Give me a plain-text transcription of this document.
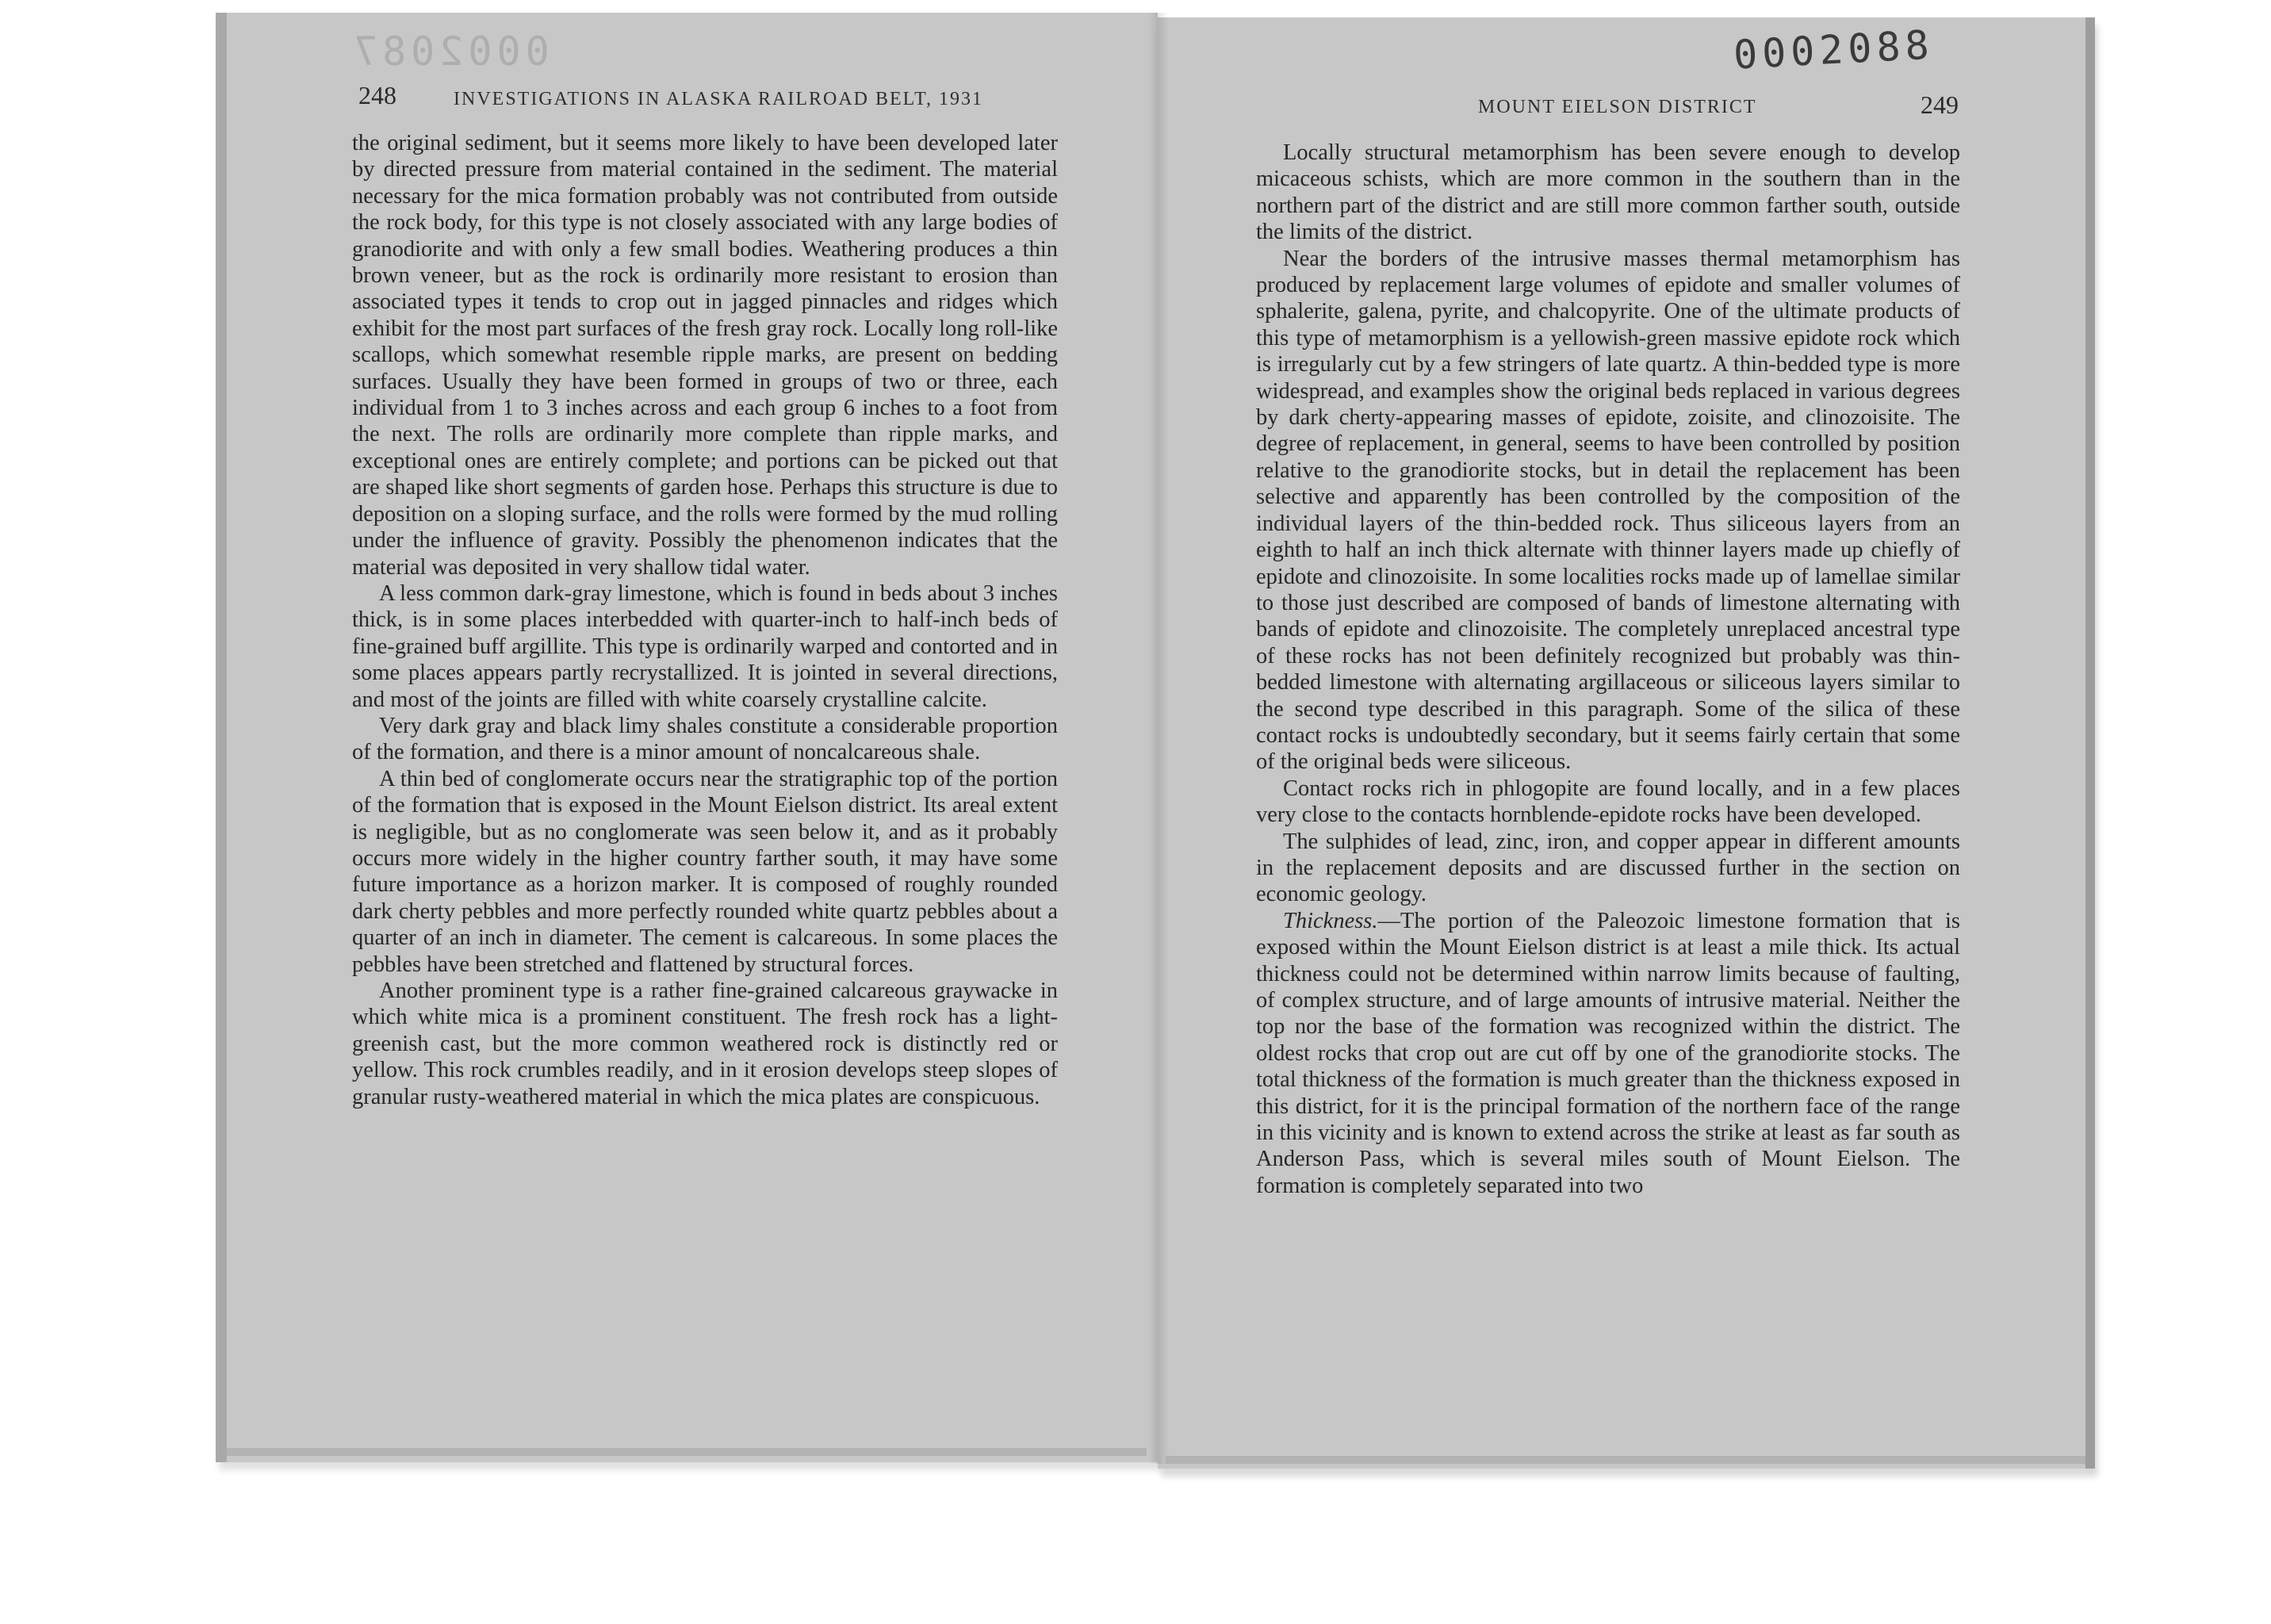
0002087
248	INVESTIGATIONS IN ALASKA RAILROAD BELT, 1931
0002088
MOUNT EIELSON DISTRICT	249

the original sediment, but it seems more likely to have been developed later by directed pressure from material contained in the sediment. The material necessary for the mica formation probably was not contributed from outside the rock body, for this type is not closely associated with any large bodies of granodiorite and with only a few small bodies. Weathering produces a thin brown veneer, but as the rock is ordinarily more resistant to erosion than associated types it tends to crop out in jagged pinnacles and ridges which exhibit for the most part surfaces of the fresh gray rock. Locally long roll-like scallops, which somewhat resemble ripple marks, are present on bedding surfaces. Usually they have been formed in groups of two or three, each individual from 1 to 3 inches across and each group 6 inches to a foot from the next. The rolls are ordinarily more complete than ripple marks, and exceptional ones are entirely complete; and portions can be picked out that are shaped like short segments of garden hose. Perhaps this structure is due to deposition on a sloping surface, and the rolls were formed by the mud rolling under the influence of gravity. Possibly the phenomenon indicates that the material was deposited in very shallow tidal water.

A less common dark-gray limestone, which is found in beds about 3 inches thick, is in some places interbedded with quarter-inch to half-inch beds of fine-grained buff argillite. This type is ordinarily warped and contorted and in some places appears partly recrystallized. It is jointed in several directions, and most of the joints are filled with white coarsely crystalline calcite.

Very dark gray and black limy shales constitute a considerable proportion of the formation, and there is a minor amount of noncalcareous shale.

A thin bed of conglomerate occurs near the stratigraphic top of the portion of the formation that is exposed in the Mount Eielson district. Its areal extent is negligible, but as no conglomerate was seen below it, and as it probably occurs more widely in the higher country farther south, it may have some future importance as a horizon marker. It is composed of roughly rounded dark cherty pebbles and more perfectly rounded white quartz pebbles about a quarter of an inch in diameter. The cement is calcareous. In some places the pebbles have been stretched and flattened by structural forces.

Another prominent type is a rather fine-grained calcareous graywacke in which white mica is a prominent constituent. The fresh rock has a light-greenish cast, but the more common weathered rock is distinctly red or yellow. This rock crumbles readily, and in it erosion develops steep slopes of granular rusty-weathered material in which the mica plates are conspicuous.

Locally structural metamorphism has been severe enough to develop micaceous schists, which are more common in the southern than in the northern part of the district and are still more common farther south, outside the limits of the district.

Near the borders of the intrusive masses thermal metamorphism has produced by replacement large volumes of epidote and smaller volumes of sphalerite, galena, pyrite, and chalcopyrite. One of the ultimate products of this type of metamorphism is a yellowish-green massive epidote rock which is irregularly cut by a few stringers of late quartz. A thin-bedded type is more widespread, and examples show the original beds replaced in various degrees by dark cherty-appearing masses of epidote, zoisite, and clinozoisite. The degree of replacement, in general, seems to have been controlled by position relative to the granodiorite stocks, but in detail the replacement has been selective and apparently has been controlled by the composition of the individual layers of the thin-bedded rock. Thus siliceous layers from an eighth to half an inch thick alternate with thinner layers made up chiefly of epidote and clinozoisite. In some localities rocks made up of lamellae similar to those just described are composed of bands of limestone alternating with bands of epidote and clinozoisite. The completely unreplaced ancestral type of these rocks has not been definitely recognized but probably was thin-bedded limestone with alternating argillaceous or siliceous layers similar to the second type described in this paragraph. Some of the silica of these contact rocks is undoubtedly secondary, but it seems fairly certain that some of the original beds were siliceous.

Contact rocks rich in phlogopite are found locally, and in a few places very close to the contacts hornblende-epidote rocks have been developed.

The sulphides of lead, zinc, iron, and copper appear in different amounts in the replacement deposits and are discussed further in the section on economic geology.

Thickness.—The portion of the Paleozoic limestone formation that is exposed within the Mount Eielson district is at least a mile thick. Its actual thickness could not be determined within narrow limits because of faulting, of complex structure, and of large amounts of intrusive material. Neither the top nor the base of the formation was recognized within the district. The oldest rocks that crop out are cut off by one of the granodiorite stocks. The total thickness of the formation is much greater than the thickness exposed in this district, for it is the principal formation of the northern face of the range in this vicinity and is known to extend across the strike at least as far south as Anderson Pass, which is several miles south of Mount Eielson. The formation is completely separated into two
